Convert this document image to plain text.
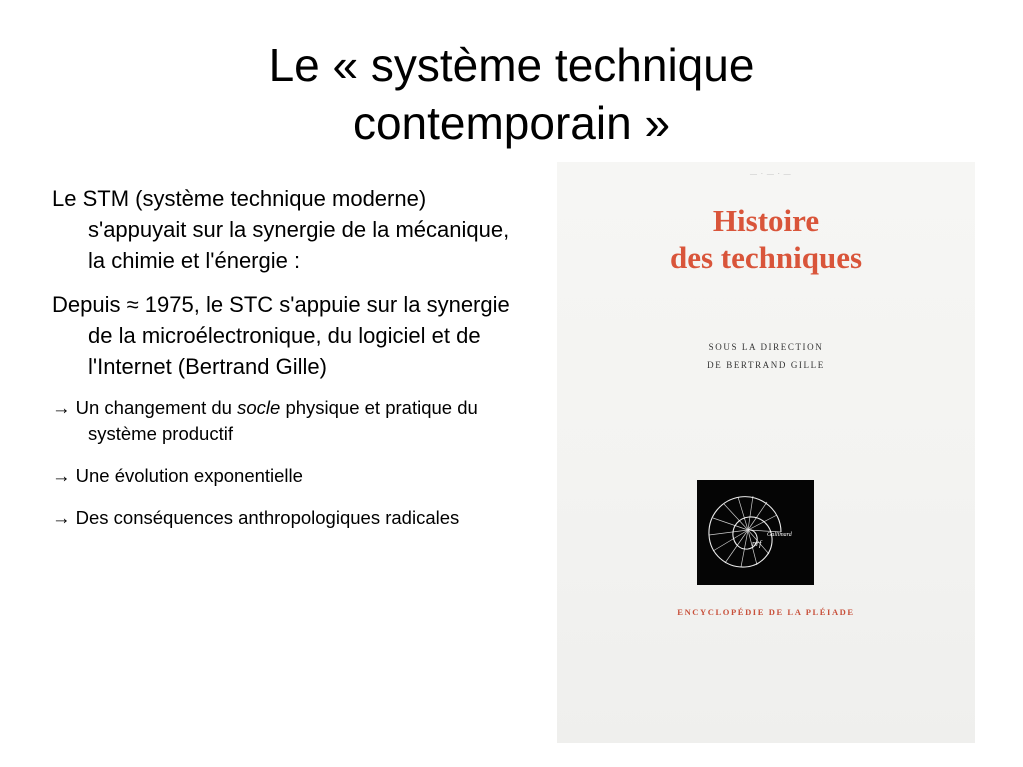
Le « système technique
contemporain »

Le STM (système technique moderne) s'appuyait sur la synergie de la mécanique, la chimie et l'énergie :

Depuis ≈ 1975, le STC s'appuie sur la synergie de la microélectronique, du logiciel et de l'Internet (Bertrand Gille)

→ Un changement du socle physique et pratique du système productif

→ Une évolution exponentielle

→ Des conséquences anthropologiques radicales

— · — · —
Histoire
des techniques
SOUS LA DIRECTION
DE BERTRAND GILLE
nrf
Gallimard
ENCYCLOPÉDIE DE LA PLÉIADE
